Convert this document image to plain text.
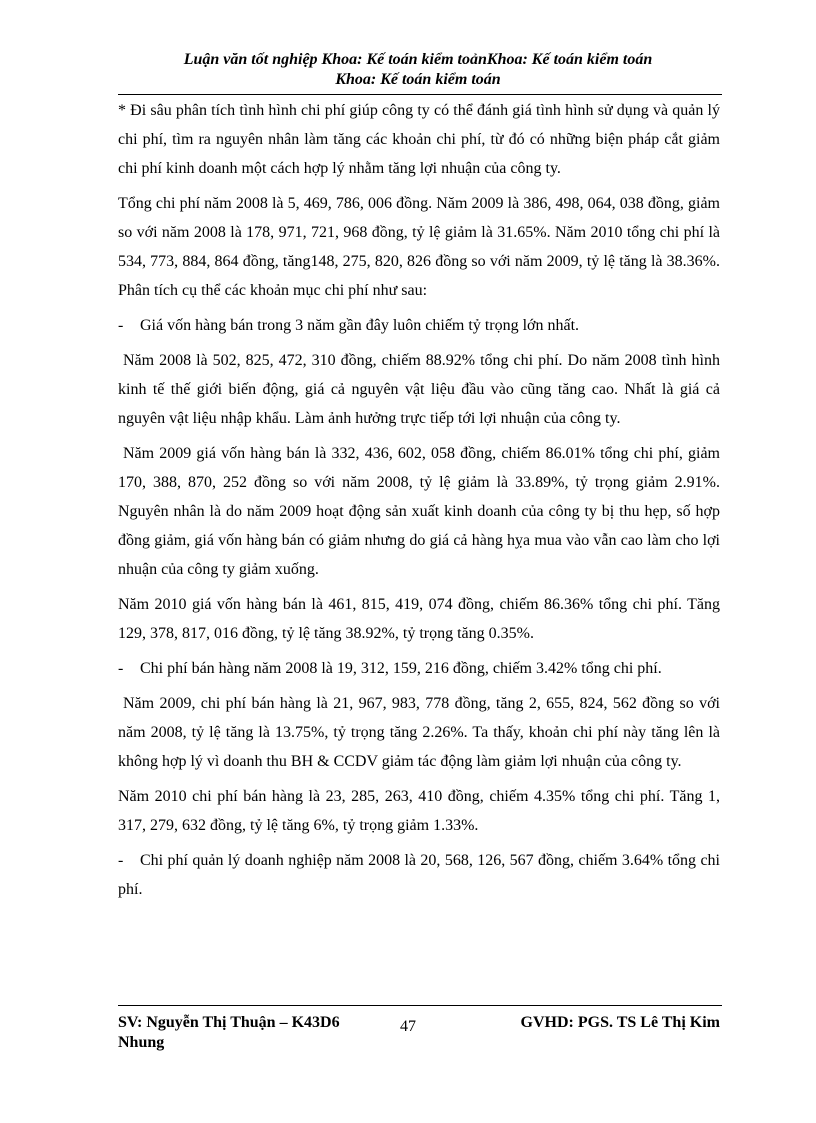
Luận văn tốt nghiệp Khoa: Kế toán kiểm toảnKhoa: Kế toán kiểm toán
Khoa: Kế toán kiểm toán

* Đi sâu phân tích tình hình chi phí giúp công ty có thể đánh giá tình hình sử dụng và quản lý chi phí, tìm ra nguyên nhân làm tăng các khoản chi phí, từ đó có những biện pháp cắt giảm chi phí kinh doanh một cách hợp lý nhằm tăng lợi nhuận của công ty.

Tổng chi phí năm 2008 là 5, 469, 786, 006 đồng. Năm 2009 là 386, 498, 064, 038 đồng, giảm so với năm 2008 là 178, 971, 721, 968 đồng, tỷ lệ giảm là 31.65%. Năm 2010 tổng chi phí là 534, 773, 884, 864 đồng, tăng148, 275, 820, 826 đồng so với năm 2009, tỷ lệ tăng là 38.36%. Phân tích cụ thể các khoản mục chi phí như sau:

- Giá vốn hàng bán trong 3 năm gần đây luôn chiếm tỷ trọng lớn nhất.

Năm 2008 là 502, 825, 472, 310 đồng, chiếm 88.92% tổng chi phí. Do năm 2008 tình hình kinh tế thế giới biến động, giá cả nguyên vật liệu đầu vào cũng tăng cao. Nhất là giá cả nguyên vật liệu nhập khẩu. Làm ảnh hưởng trực tiếp tới lợi nhuận của công ty.

Năm 2009 giá vốn hàng bán là 332, 436, 602, 058 đồng, chiếm 86.01% tổng chi phí, giảm 170, 388, 870, 252 đồng so với năm 2008, tỷ lệ giảm là 33.89%, tỷ trọng giảm 2.91%. Nguyên nhân là do năm 2009 hoạt động sản xuất kinh doanh của công ty bị thu hẹp, số hợp đồng giảm, giá vốn hàng bán có giảm nhưng do giá cả hàng hỵa mua vào vẫn cao làm cho lợi nhuận của công ty giảm xuống.

Năm 2010 giá vốn hàng bán là 461, 815, 419, 074 đồng, chiếm 86.36% tổng chi phí. Tăng 129, 378, 817, 016 đồng, tỷ lệ tăng 38.92%, tỷ trọng tăng 0.35%.

- Chi phí bán hàng năm 2008 là 19, 312, 159, 216 đồng, chiếm 3.42% tổng chi phí.

Năm 2009, chi phí bán hàng là 21, 967, 983, 778 đồng, tăng 2, 655, 824, 562 đồng so với năm 2008, tỷ lệ tăng là 13.75%, tỷ trọng tăng 2.26%. Ta thấy, khoản chi phí này tăng lên là không hợp lý vì doanh thu BH & CCDV giảm tác động làm giảm lợi nhuận của công ty.

Năm 2010 chi phí bán hàng là 23, 285, 263, 410 đồng, chiếm 4.35% tổng chi phí. Tăng 1, 317, 279, 632 đồng, tỷ lệ tăng 6%, tỷ trọng giảm 1.33%.

- Chi phí quản lý doanh nghiệp năm 2008 là 20, 568, 126, 567 đồng, chiếm 3.64% tổng chi phí.

SV: Nguyễn Thị Thuận – K43D6 Nhung
47	GVHD: PGS. TS Lê Thị Kim
